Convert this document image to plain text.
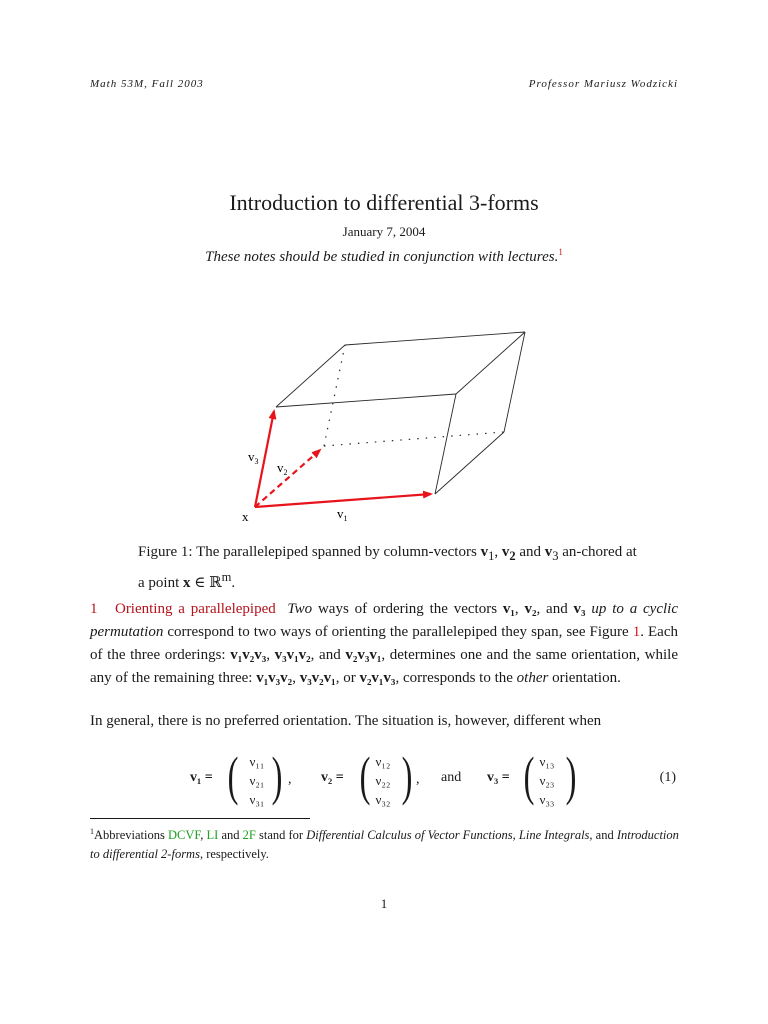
Math 53M, Fall 2003	Professor Mariusz Wodzicki
Introduction to differential 3-forms
January 7, 2004
These notes should be studied in conjunction with lectures.$^1$
x	$v_1$
$v_2$
$v_3$
Figure 1: The parallelepiped spanned by column-vectors $v_1$, $v_2$ and $v_3$ an-chored at a point x ∈ ℝ$^m$.
1 Orienting a parallelepiped Two ways of ordering the vectors v₁, v₂, and v₃ up to a cyclic permutation correspond to two ways of orienting the parallelepiped they span, see Figure 1. Each of the three orderings: v₁v₂v₃, v₃v₁v₂, and v₂v₃v₁, determines one and the same orientation, while any of the remaining three: v₁v₃v₂, v₃v₂v₁, or v₂v₁v₃, corresponds to the other orientation.
In general, there is no preferred orientation. The situation is, however, different when
v₁ = ( ν₁₁
ν₂₁
ν₃₁ ) , v₂ = ( ν₁₂
ν₂₂
ν₃₂ ) , and v₃ = ( ν₁₃
ν₂₃
ν₃₃ )	(1)
$^1$Abbreviations DCVF, LI and 2F stand for Differential Calculus of Vector Functions, Line Integrals, and Introduction to differential 2-forms, respectively.
1
